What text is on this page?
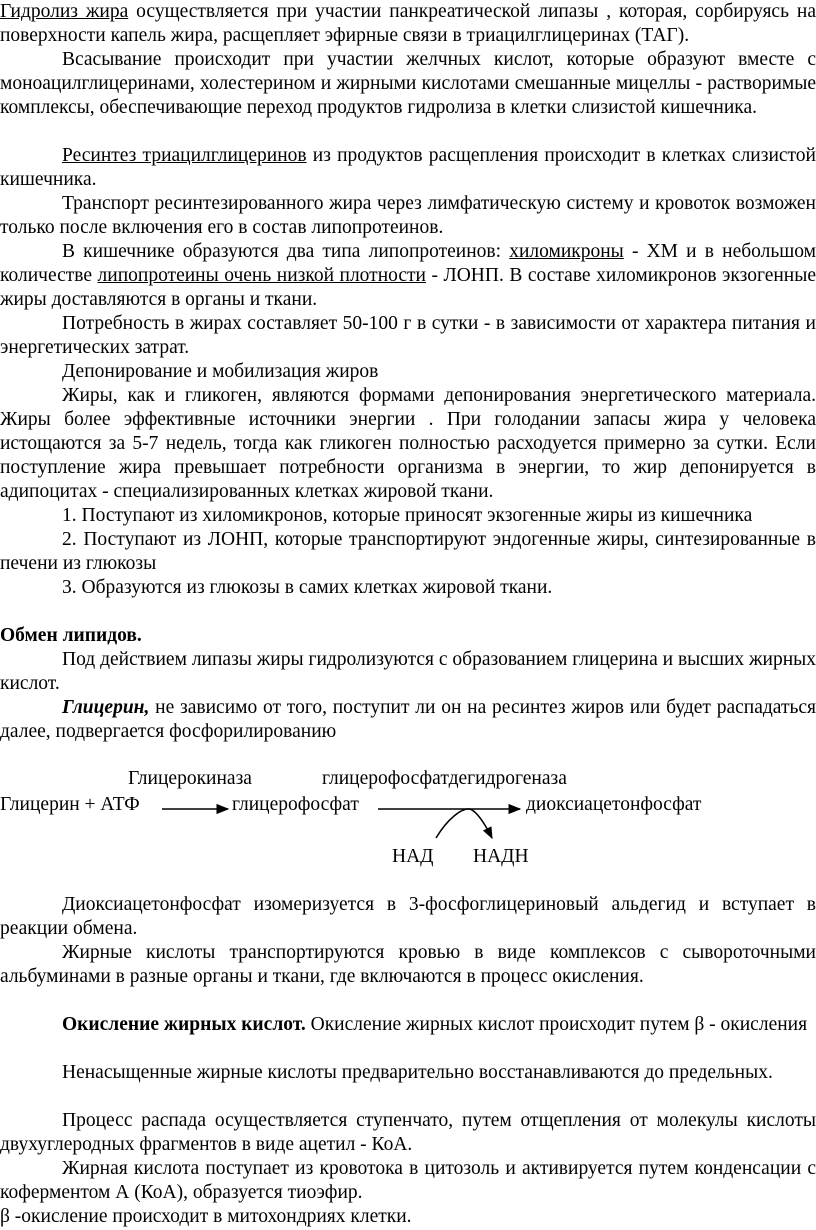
Гидролиз жира осуществляется при участии панкреатической липазы , которая, сорбируясь на поверхности капель жира, расщепляет эфирные связи в триацилглицеринах (ТАГ).

Всасывание происходит при участии желчных кислот, которые образуют вместе с моноацилглицеринами, холестерином и жирными кислотами смешанные мицеллы - растворимые комплексы, обеспечивающие переход продуктов гидролиза в клетки слизистой кишечника.

Ресинтез триацилглицеринов из продуктов расщепления происходит в клетках слизистой кишечника.

Транспорт ресинтезированного жира через лимфатическую систему и кровоток возможен только после включения его в состав липопротеинов.

В кишечнике образуются два типа липопротеинов: хиломикроны - ХМ и в небольшом количестве липопротеины очень низкой плотности - ЛОНП. В составе хиломикронов экзогенные жиры доставляются в органы и ткани.

Потребность в жирах составляет 50-100 г в сутки - в зависимости от характера питания и энергетических затрат.

Депонирование и мобилизация жиров

Жиры, как и гликоген, являются формами депонирования энергетического материала. Жиры более эффективные источники энергии . При голодании запасы жира у человека истощаются за 5-7 недель, тогда как гликоген полностью расходуется примерно за сутки. Если поступление жира превышает потребности организма в энергии, то жир депонируется в адипоцитах - специализированных клетках жировой ткани.

1. Поступают из хиломикронов, которые приносят экзогенные жиры из кишечника

2. Поступают из ЛОНП, которые транспортируют эндогенные жиры, синтезированные в печени из глюкозы

3. Образуются из глюкозы в самих клетках жировой ткани.

Обмен липидов.

Под действием липазы жиры гидролизуются с образованием глицерина и высших жирных кислот.

Глицерин, не зависимо от того, поступит ли он на ресинтез жиров или будет распадаться далее, подвергается фосфорилированию

Глицерокиназа	глицерофосфатдегидрогеназа
Глицерин + АТФ	глицерофосфат	диоксиацетонфосфат
НАД НАДН

Диоксиацетонфосфат изомеризуется в 3-фосфоглицериновый альдегид и вступает в реакции обмена.

Жирные кислоты транспортируются кровью в виде комплексов с сывороточными альбуминами в разные органы и ткани, где включаются в процесс окисления.

Окисление жирных кислот. Окисление жирных кислот происходит путем β - окисления

Ненасыщенные жирные кислоты предварительно восстанавливаются до предельных.

Процесс распада осуществляется ступенчато, путем отщепления от молекулы кислоты двухуглеродных фрагментов в виде ацетил - КоА.

Жирная кислота поступает из кровотока в цитозоль и активируется путем конденсации с коферментом А (КоА), образуется тиоэфир.

β -окисление происходит в митохондриях клетки.
